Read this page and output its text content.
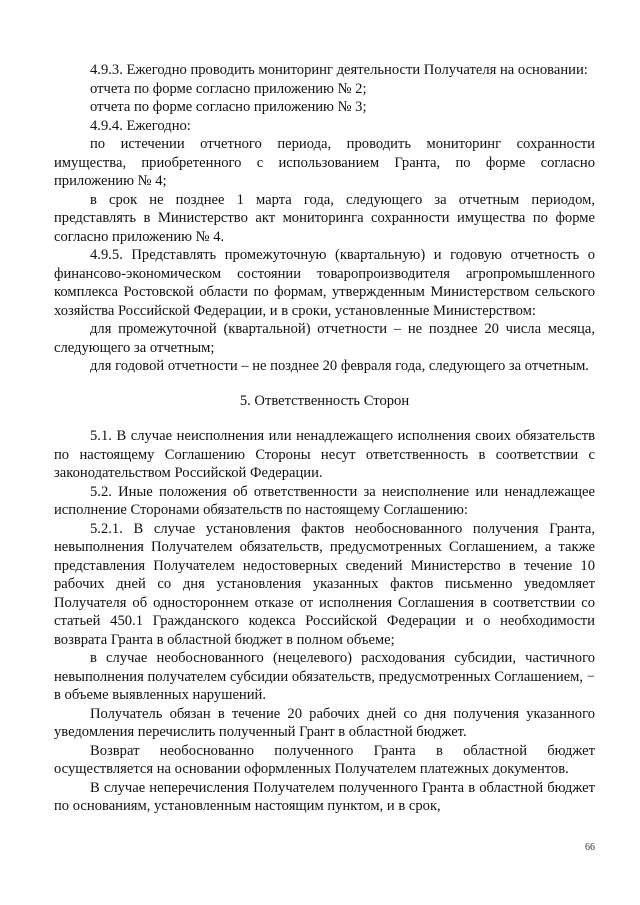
4.9.3. Ежегодно проводить мониторинг деятельности Получателя на основании:

отчета по форме согласно приложению № 2;

отчета по форме согласно приложению № 3;

4.9.4. Ежегодно:

по истечении отчетного периода, проводить мониторинг сохранности имущества, приобретенного с использованием Гранта, по форме согласно приложению № 4;

в срок не позднее 1 марта года, следующего за отчетным периодом, представлять в Министерство акт мониторинга сохранности имущества по форме согласно приложению № 4.

4.9.5. Представлять промежуточную (квартальную) и годовую отчетность о финансово-экономическом состоянии товаропроизводителя агропромышленного комплекса Ростовской области по формам, утвержденным Министерством сельского хозяйства Российской Федерации, и в сроки, установленные Министерством:

для промежуточной (квартальной) отчетности – не позднее 20 числа месяца, следующего за отчетным;

для годовой отчетности – не позднее 20 февраля года, следующего за отчетным.

5. Ответственность Сторон

5.1. В случае неисполнения или ненадлежащего исполнения своих обязательств по настоящему Соглашению Стороны несут ответственность в соответствии с законодательством Российской Федерации.

5.2. Иные положения об ответственности за неисполнение или ненадлежащее исполнение Сторонами обязательств по настоящему Соглашению:

5.2.1. В случае установления фактов необоснованного получения Гранта, невыполнения Получателем обязательств, предусмотренных Соглашением, а также представления Получателем недостоверных сведений Министерство в течение 10 рабочих дней со дня установления указанных фактов письменно уведомляет Получателя об одностороннем отказе от исполнения Соглашения в соответствии со статьей 450.1 Гражданского кодекса Российской Федерации и о необходимости возврата Гранта в областной бюджет в полном объеме;

в случае необоснованного (нецелевого) расходования субсидии, частичного невыполнения получателем субсидии обязательств, предусмотренных Соглашением, − в объеме выявленных нарушений.

Получатель обязан в течение 20 рабочих дней со дня получения указанного уведомления перечислить полученный Грант в областной бюджет.

Возврат необоснованно полученного Гранта в областной бюджет осуществляется на основании оформленных Получателем платежных документов.

В случае неперечисления Получателем полученного Гранта в областной бюджет по основаниям, установленным настоящим пунктом, и в срок,

66
